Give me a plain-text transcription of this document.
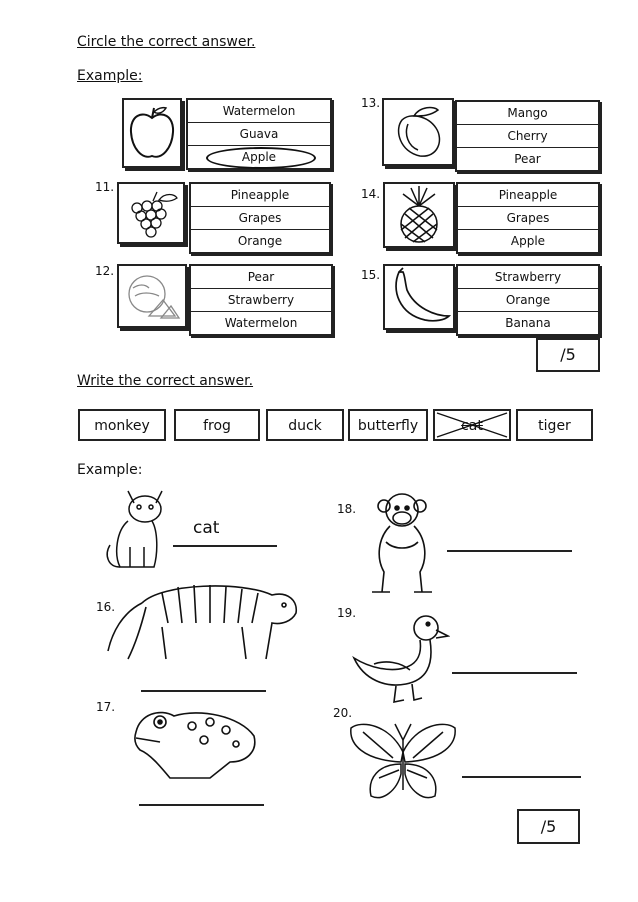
Circle the correct answer.
Example:
Watermelon
Guava
Apple
11.
Pineapple
Grapes
Orange
12.	Pear
Strawberry
Watermelon
13.
Mango
Cherry
Pear
14.	Pineapple
Grapes
Apple
15.	Strawberry
Orange
Banana
/5
Write the correct answer.
monkey	frog	duck	butterfly	cat	tiger
Example:
cat
16.
17.
18.
19.
20.
/5
